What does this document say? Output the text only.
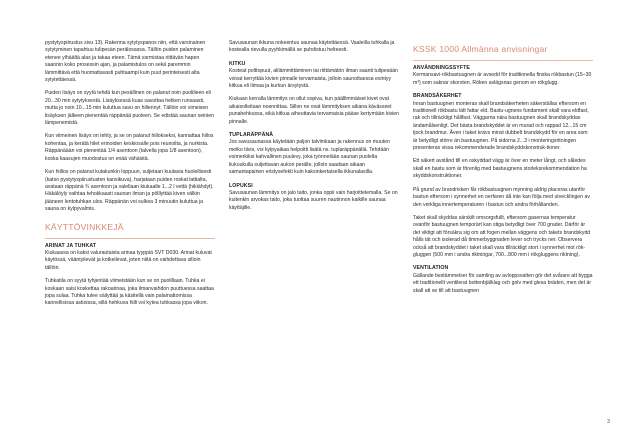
pystytyspiirustus sivu 13). Rakenna sytytyspanos niin, että varsinainen sytytyminen tapahtuu tulipesän perälosassa. Tällön puiden palaminen etenee ylhäältä alas ja takaa eteen. Tämä varmistaa riittävän hapen saannin koko prosessin ajan, ja palamistulos on sekä paremmin lämmittävä että huomattavasti puhtaampi kuin puut perinteisesti alta sytytettäessä.

Puiden lisäys on syytä tehdä kun pesällinen on palanut noin puoliileen eli 20...30 min sytytyksestä. Lisäyksessä kuas savuttaa hetken runsaasti, mutta jo noin 10...15 min kuluttua savu on hillennyt. Tällöin voi vimeisen lisäyksen jälkeen pienentää räppänää puoleen. Se edistää saunan seinien lämpenemistä.

Kun viimeinen lisäys on tehty, ja se on palanut hiilokseksi, kannattaa hiilos kohentaa, ja kerätä hilet erinoiden keskiosalle pois reunoilta, ja nurkista. Räppänäään voi pienentää 1/4 asentoon (talvella jopa 1/8 asentoon), koska kaasujen muodostus on enää vähäistä.

Kun hiillos on palanut kutakunkin loppuun, suljetaan kuulavia huolellisesti (katso pystytyspiirustusten kansikuva), harjataan puiden roskat lattialta, avataan räppänä ¾ asentoon ja valellaan kiukaalle 1...2 l vettä (hikiähdyt). Häkälöyly vaihtaa tehokkaasti saunan ilman ja pölllyttää kiven välkin jääneen lentotuhkan ulos. Räppänän voi sulkea 3 minuutin kuluttua ja sauna on kylpyvalmis.

KÄYTTÖVINKKEJÄ
ARINAT JA TUHKAT

Kiukaassa on kaksi valurautaista arinaa tyyppiä SVT D030. Arinat kuluvat käytössä, vääntyilevät ja kotkeilevat, joten niitä on vaihdettava silloin tällöin.

Tuhkatila on syytä tyhjentää viimeistään kun se on puolillaan. Tuhka ei koskaan saisi koskettaa rakoarinaa, joka ilmanvaihdon puuttuessa saattaa jopa sulaa. Tuhka tulee säilyttää ja käsitellä vain palamattomissa kannellisissa astioissa, sillä hehkuva hilli voi kytea tuhkassa jopa viikon.

Savusaunan ikkuna nokeentuu saunaa käytettäessä. Vaaleilla tuhkalla ja kostealla rievulla pyyhkimällä se puhdistuu helteesti.

KITKU

Kosteat polttopuut, alilämmittäminen tai riittämätön ilman saanti tulipesään voivat kerryttää kivien pinnalle tervamaista, jolloin saunottaessa esintyy kitkua eli liimaa ja kurkun ärsytystä.

Kiukaan kerralla lämmitys on ollut sopiva, kun päällimmäiset kivet ovat aikaisolleitaan noennittaa. Sillon ne ovat lämmityksen aikana kävässeet punahehkussa, eikä kitkua aiheuttavia tervamaisia pääse kertymään kivien pinnalle.

TUPLARÄPPÄNÄ

Jos savusaunassa käytetään paljon talvimkaan ja rakennus on muuten melko tiivis, voi kylpyaikaa helpoitti lisätä ns. tuplaräppänällä. Tehdään esimerkiksi kahvallinen puulevy, joka työnnetään saunan puolelta liukuukulla suljettavan aukon perälle, jolloin saadaan aikaan samantapainen eristysefekti kuin kaksinkertaisella ikkunalasilla.

LOPUKSI

Savusaunan lämmitys on jalo taito, jonka oppii vain harjoittelemalla. Se on kuitenkin arvokas taito, joka tuottaa suuren nautinnon kaikille saunaa käyttäjille.

KSSK 1000 Allmänna anvisningar
ANVÄNDNINGSSYFTE

Kermansavi-rökbastuugnen är avsedd för traditionella finska rökbastun (15–30 m³) som saknar skorsten. Röken avlägsnas genom en rökglugg.

BRANDSÄKERHET

Innan bastuugnen monteras skall brandsäkerheten säkerställas eftersom en traditionell rökbastu lätt fattar eld. Bastu-ugnens fundament skall vara eldfast, rak och tillräckligt hållfast. Väggarna nära bastuugnen skall brandskyddas ändamålsenligt. Det bästa brandskyddet är en murad och rappad 12...15 cm tjock brandmur. Även i taket krävs minst dubbelt brandskydd för en area som är betydligt större än bastuugnen. På sidorna 2...3 i monteringsritningen presenteras vissa rekommenderade brandskyddskonstruk-tioner.

Ett säkert avstånd till en oskyddad vägg är över en meter långt, och således skall en bastu som är förenlig med bastuugnens storleksrekommendation ha skyddskonstruktioner.

På grund av brandrisken får rökbastuugnen mynning aldrig placeras utanför bastun eftersom i synnerhet en oerfaren då inte kan följa med utvecklingen av den verkliga innertemperaturen i bastun och andra förhållanden.

Taket skall skyddas särskilt omsorgsfullt, eftersom gasernas temperatur ovanför bastuugnen temporärt kan stiga betydligt över 700 grader. Därför är det viktigt att försäkra sig om att fogen mellan väggens och takets brandskydd hålls tät och isolerad då timmerbyggnaden lever och trycks ner. Observera också att brandskyddet i taket skall vara tillräckligt stort i synnerhet mot rök-gluggen (500 mm i andra riktningar, 700...800 mm i rökgluggens riktning).

VENTILATION

Gällande bestämmelser för samling av avloppsvatten gör det svårare att bygga ett traditionellt ventilerat bottenbjälklag och golv med glesa bräden, men det är skall att se till att bastuugnen

3
